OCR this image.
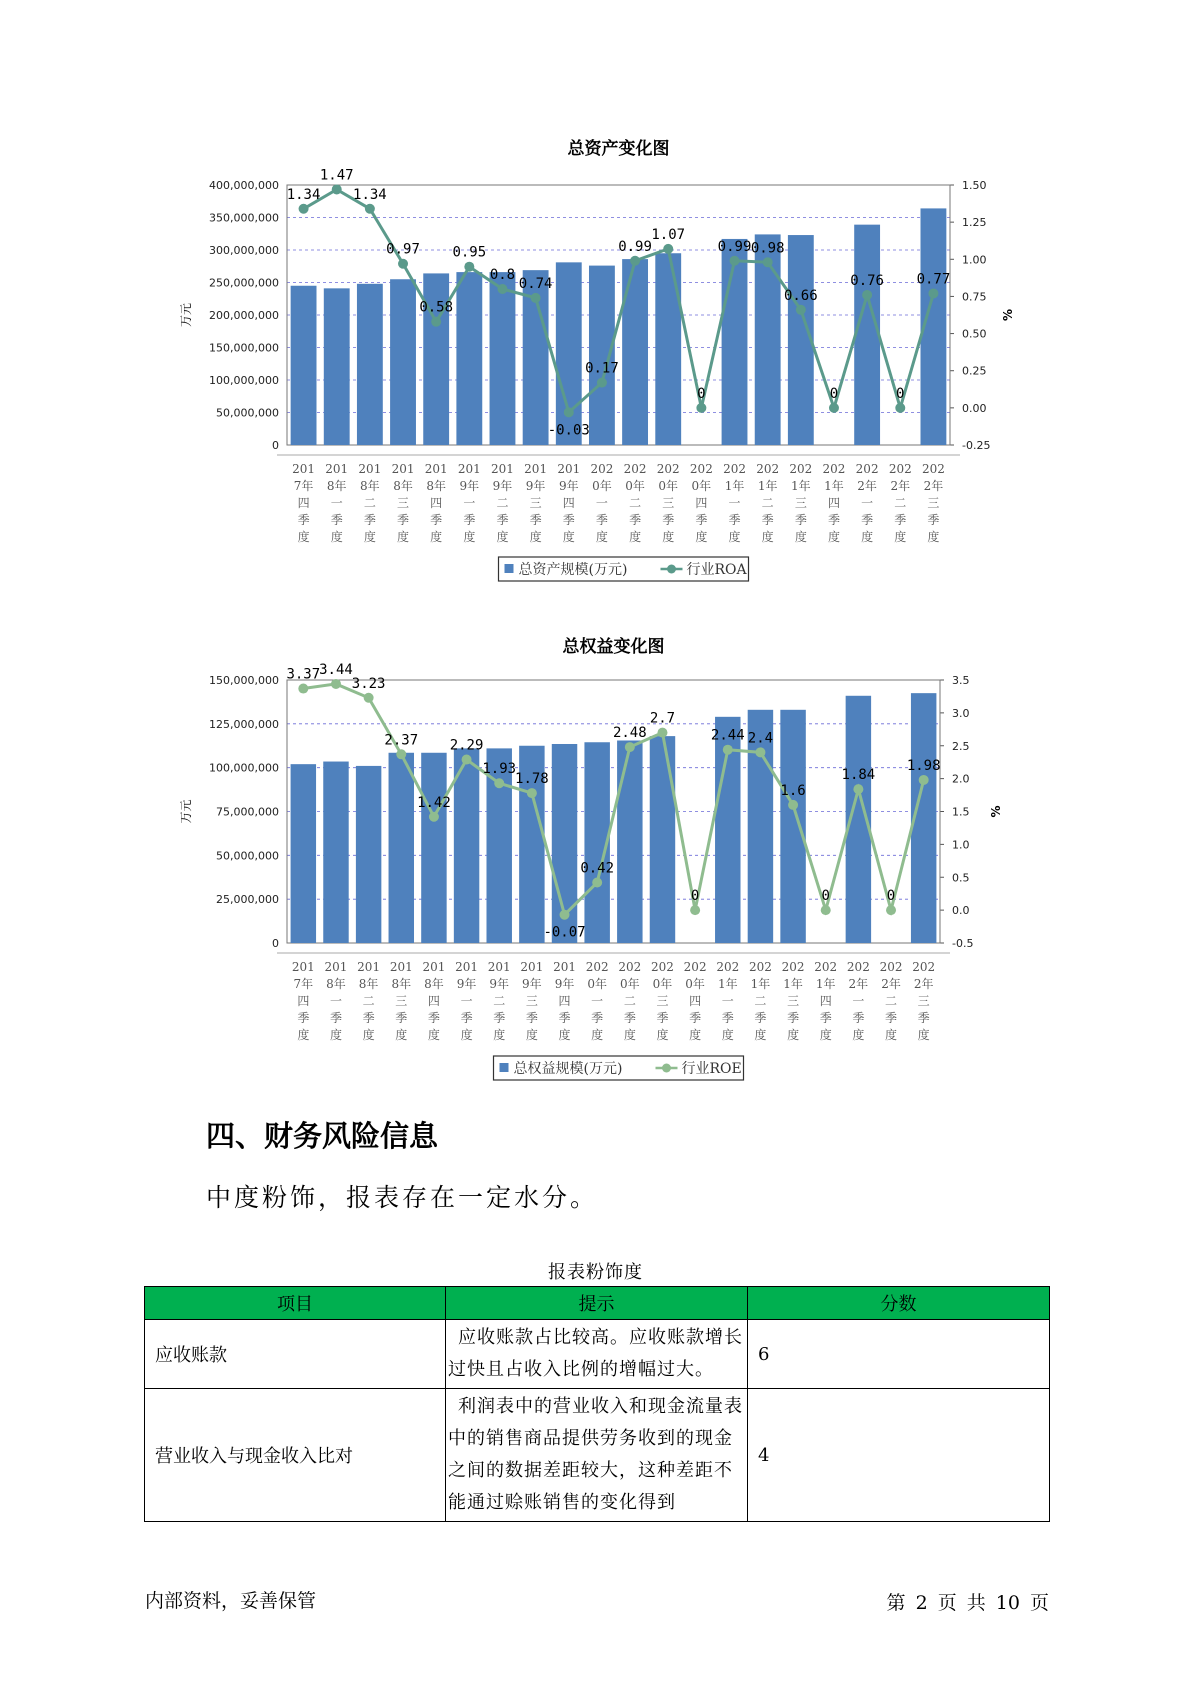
总资产变化图
0
50,000,000
100,000,000
150,000,000
200,000,000
250,000,000
300,000,000
350,000,000
400,000,000
-0.25
0.00
0.25
0.50
0.75
1.00
1.25
1.50
万元	%
1.34
1.47
1.34
0.97
0.58
0.95
0.8
0.74
-0.03
0.17
0.99
1.07
0
0.99 0.98
0.66
0
0.76
0
0.77
201
7年
四
季
度
201
8年
一
季
度
201
8年
二
季
度
201
8年
三
季
度
201
8年
四
季
度
201
9年
一
季
度
201
9年
二
季
度
201
9年
三
季
度
201
9年
四
季
度
202
0年
一
季
度
202
0年
二
季
度
202
0年
三
季
度
202
0年
四
季
度
202
1年
一
季
度
202
1年
二
季
度
202
1年
三
季
度
202
1年
四
季
度
202
2年
一
季
度
202
2年
二
季
度
202
2年
三
季
度
总资产规模(万元)	行业ROA
总权益变化图
0
25,000,000
50,000,000
75,000,000
100,000,000
125,000,000
150,000,000
-0.5
0.0
0.5
1.0
1.5
2.0
2.5
3.0
3.5
万元	%
3.37
3.44
3.23
2.37
1.42
2.29
1.93
1.78
-0.07
0.42
2.48
2.7
0
2.44 2.4
1.6
0
1.84
0
1.98
201
7年
四
季
度
201
8年
一
季
度
201
8年
二
季
度
201
8年
三
季
度
201
8年
四
季
度
201
9年
一
季
度
201
9年
二
季
度
201
9年
三
季
度
201
9年
四
季
度
202
0年
一
季
度
202
0年
二
季
度
202
0年
三
季
度
202
0年
四
季
度
202
1年
一
季
度
202
1年
二
季
度
202
1年
三
季
度
202
1年
四
季
度
202
2年
一
季
度
202
2年
二
季
度
202
2年
三
季
度
总权益规模(万元)	行业ROE
四、财务风险信息

中度粉饰，报表存在一定水分。

报表粉饰度
项目	提示	分数
应收账款	应收账款占比较高。应收账款增长过快且占收入比例的增幅过大。	6
营业收入与现金收入比对	利润表中的营业收入和现金流量表中的销售商品提供劳务收到的现金之间的数据差距较大，这种差距不能通过赊账销售的变化得到	4
内部资料，妥善保管	第 2 页 共 10 页
